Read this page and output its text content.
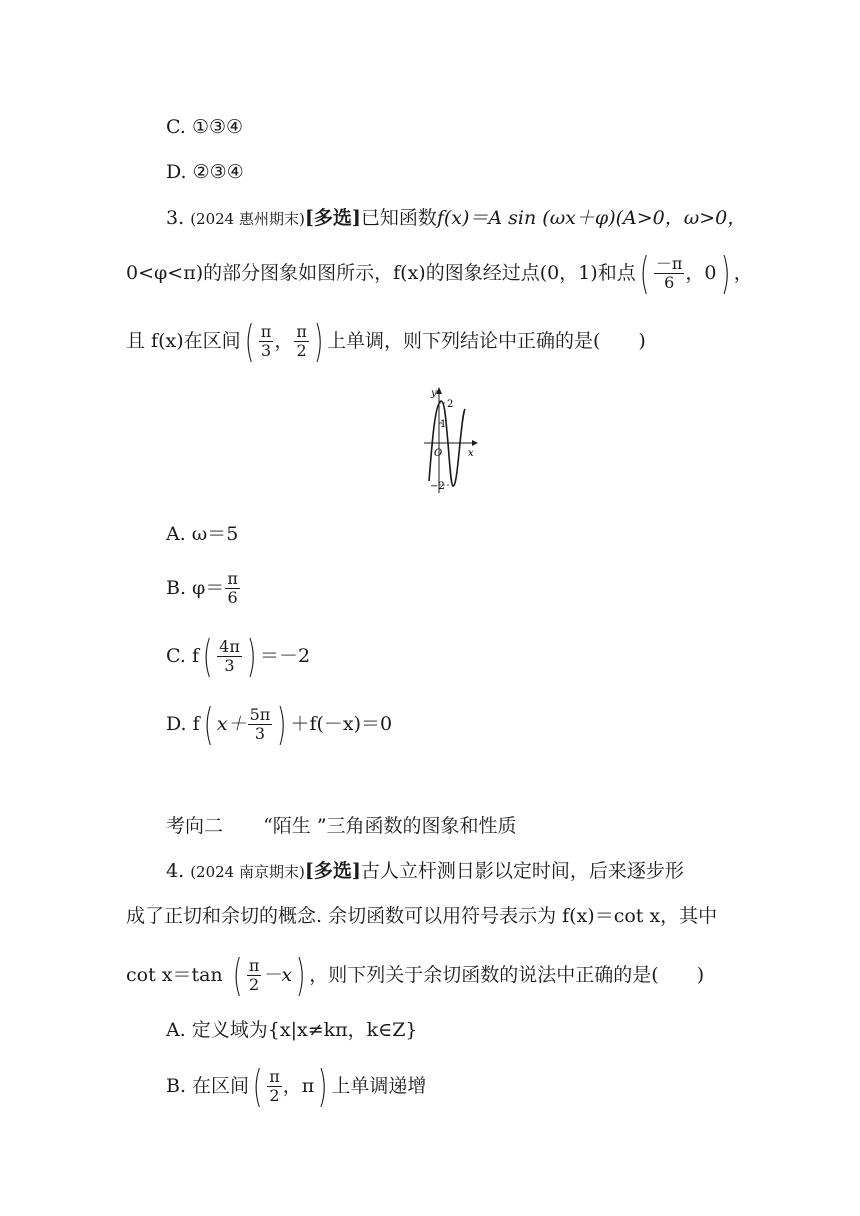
C. ①③④
D. ②③④
3. (2024 惠州期末)[多选]已知函数f(x)＝A sin (ωx＋φ)(A>0，ω>0，
0<φ<π)的部分图象如图所示，f(x)的图象经过点(0，1)和点( $\frac{-\pi}{6}$ ，0) ，
且 f(x)在区间( $\frac{\pi}{3}$ ， $\frac{\pi}{2}$ ) 上单调，则下列结论中正确的是(　　)
y
x
O
2
1
−2
A. ω＝5
B. $\varphi= \frac{\pi}{6}$
C. $f( \frac{4\pi}{3}$ ) ＝－2
D. f( $x+ \frac{5\pi}{3}$ ) ＋f(－x)＝0
考向二 “陌生 ”三角函数的图象和性质
4. (2024 南京期末)[多选]古人立杆测日影以定时间，后来逐步形
成了正切和余切的概念. 余切函数可以用符号表示为 f(x)＝cot x，其中
cot x＝tan ( $\frac{\pi}{2} -x$) ，则下列关于余切函数的说法中正确的是(　　)
A. 定义域为{x|x≠kπ，k∈Z}
B. 在区间( $\frac{\pi}{2}$ ，π) 上单调递增
